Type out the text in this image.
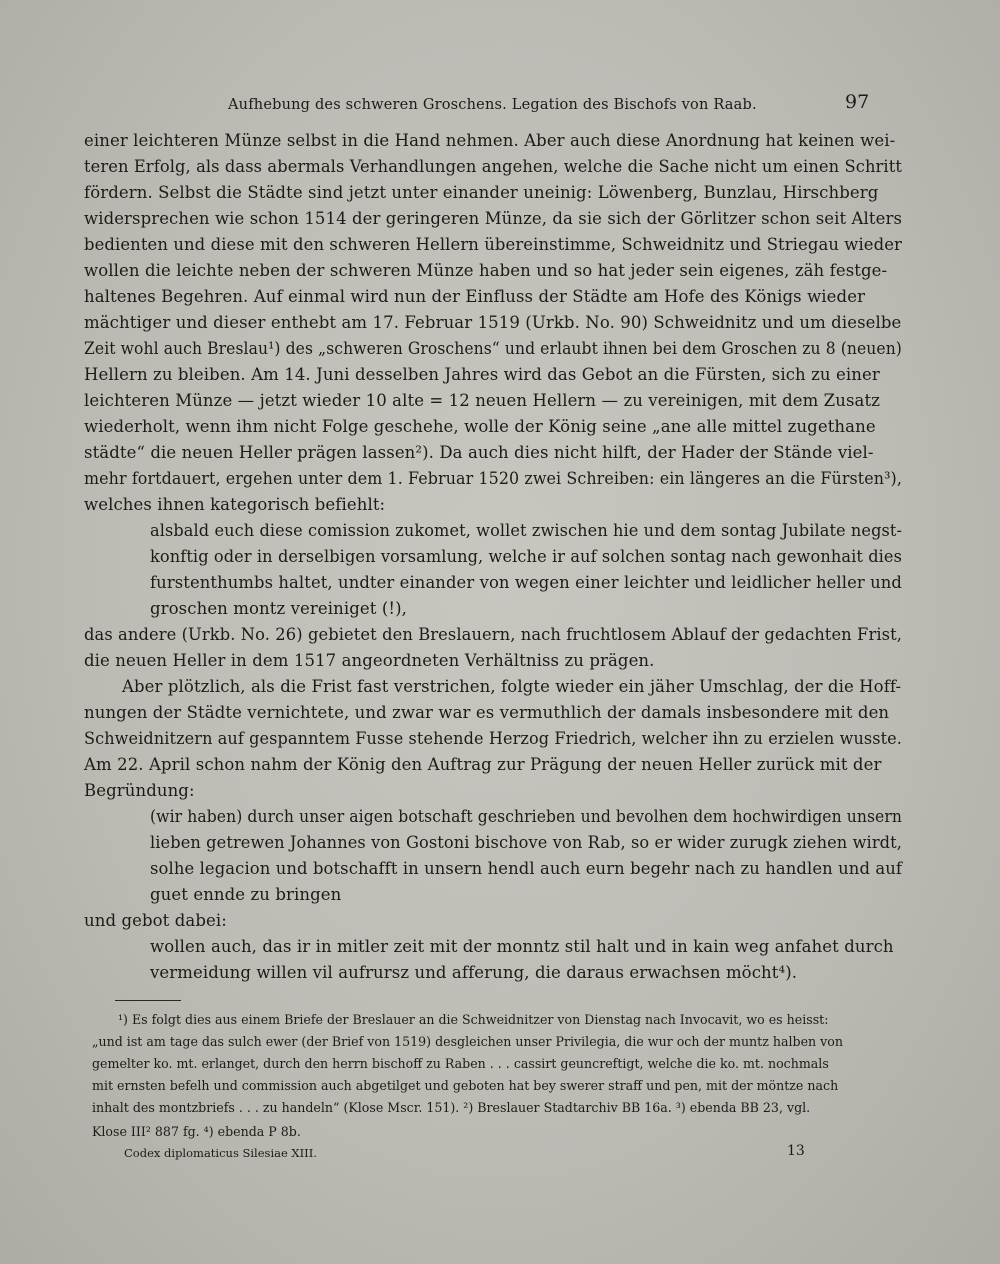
Aufhebung des schweren Groschens. Legation des Bischofs von Raab.	97
einer leichteren Münze selbst in die Hand nehmen. Aber auch diese Anordnung hat keinen wei-
teren Erfolg, als dass abermals Verhandlungen angehen, welche die Sache nicht um einen Schritt
fördern. Selbst die Städte sind jetzt unter einander uneinig: Löwenberg, Bunzlau, Hirschberg
widersprechen wie schon 1514 der geringeren Münze, da sie sich der Görlitzer schon seit Alters
bedienten und diese mit den schweren Hellern übereinstimme, Schweidnitz und Striegau wieder
wollen die leichte neben der schweren Münze haben und so hat jeder sein eigenes, zäh festge-
haltenes Begehren. Auf einmal wird nun der Einfluss der Städte am Hofe des Königs wieder
mächtiger und dieser enthebt am 17. Februar 1519 (Urkb. No. 90) Schweidnitz und um dieselbe
Zeit wohl auch Breslau¹) des „schweren Groschens“ und erlaubt ihnen bei dem Groschen zu 8 (neuen)
Hellern zu bleiben. Am 14. Juni desselben Jahres wird das Gebot an die Fürsten, sich zu einer
leichteren Münze — jetzt wieder 10 alte = 12 neuen Hellern — zu vereinigen, mit dem Zusatz
wiederholt, wenn ihm nicht Folge geschehe, wolle der König seine „ane alle mittel zugethane
städte“ die neuen Heller prägen lassen²). Da auch dies nicht hilft, der Hader der Stände viel-
mehr fortdauert, ergehen unter dem 1. Februar 1520 zwei Schreiben: ein längeres an die Fürsten³),
welches ihnen kategorisch befiehlt:
alsbald euch diese comission zukomet, wollet zwischen hie und dem sontag Jubilate negst-
konftig oder in derselbigen vorsamlung, welche ir auf solchen sontag nach gewonhait dies
furstenthumbs haltet, undter einander von wegen einer leichter und leidlicher heller und
groschen montz vereiniget (!),
das andere (Urkb. No. 26) gebietet den Breslauern, nach fruchtlosem Ablauf der gedachten Frist,
die neuen Heller in dem 1517 angeordneten Verhältniss zu prägen.
Aber plötzlich, als die Frist fast verstrichen, folgte wieder ein jäher Umschlag, der die Hoff-
nungen der Städte vernichtete, und zwar war es vermuthlich der damals insbesondere mit den
Schweidnitzern auf gespanntem Fusse stehende Herzog Friedrich, welcher ihn zu erzielen wusste.
Am 22. April schon nahm der König den Auftrag zur Prägung der neuen Heller zurück mit der
Begründung:
(wir haben) durch unser aigen botschaft geschrieben und bevolhen dem hochwirdigen unsern
lieben getrewen Johannes von Gostoni bischove von Rab, so er wider zurugk ziehen wirdt,
solhe legacion und botschafft in unsern hendl auch eurn begehr nach zu handlen und auf
guet ennde zu bringen
und gebot dabei:
wollen auch, das ir in mitler zeit mit der monntz stil halt und in kain weg anfahet durch
vermeidung willen vil aufrursz und afferung, die daraus erwachsen möcht⁴).
¹) Es folgt dies aus einem Briefe der Breslauer an die Schweidnitzer von Dienstag nach Invocavit, wo es heisst:
„und ist am tage das sulch ewer (der Brief von 1519) desgleichen unser Privilegia, die wur och der muntz halben von
gemelter ko. mt. erlanget, durch den herrn bischoff zu Raben . . . cassirt geuncreftigt, welche die ko. mt. nochmals
mit ernsten befelh und commission auch abgetilget und geboten hat bey swerer straff und pen, mit der möntze nach
inhalt des montzbriefs . . . zu handeln“ (Klose Mscr. 151). ²) Breslauer Stadtarchiv BB 16a. ³) ebenda BB 23, vgl.
Klose III² 887 fg. ⁴) ebenda P 8b.
Codex diplomaticus Silesiae XIII.	13
